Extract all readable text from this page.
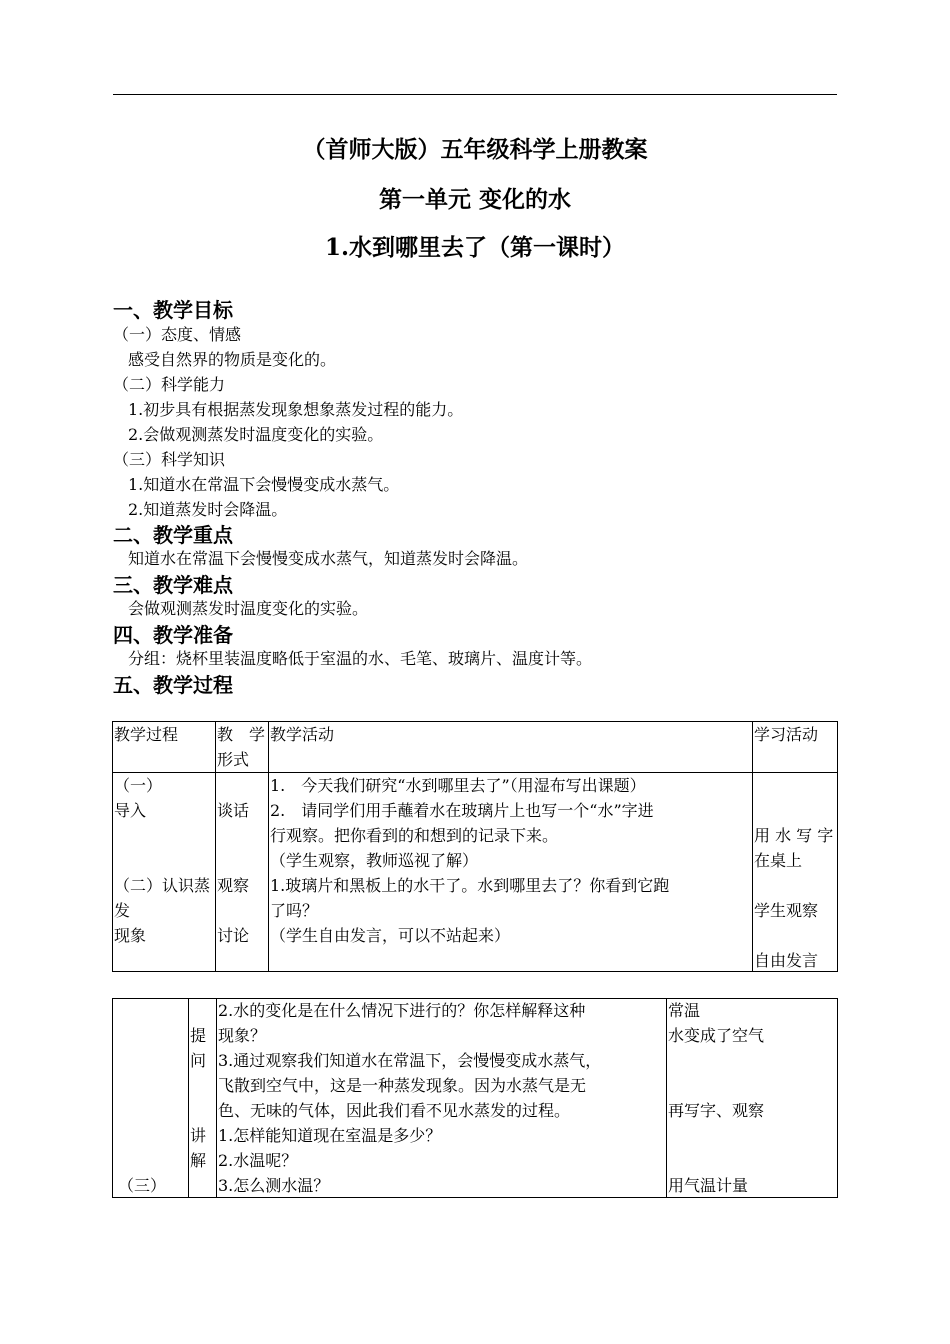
（首师大版）五年级科学上册教案
第一单元 变化的水
1.水到哪里去了（第一课时）
一、教学目标
（一）态度、情感
感受自然界的物质是变化的。
（二）科学能力
1.初步具有根据蒸发现象想象蒸发过程的能力。
2.会做观测蒸发时温度变化的实验。
（三）科学知识
1.知道水在常温下会慢慢变成水蒸气。
2.知道蒸发时会降温。
二、教学重点
知道水在常温下会慢慢变成水蒸气，知道蒸发时会降温。
三、教学难点
会做观测蒸发时温度变化的实验。
四、教学准备
分组：烧杯里装温度略低于室温的水、毛笔、玻璃片、温度计等。
五、教学过程
教学过程 教　学
形式
教学活动	学习活动
（一）
导入
（二）认识蒸
发
现象
谈话
观察
讨论
1.　今天我们研究“水到哪里去了”（用湿布写出课题）
2.　请同学们用手蘸着水在玻璃片上也写一个“水”字进
行观察。把你看到的和想到的记录下来。
（学生观察，教师巡视了解）
1.玻璃片和黑板上的水干了。水到哪里去了？你看到它跑
了吗？
（学生自由发言，可以不站起来）
用 水 写 字
在桌上
学生观察
自由发言
（三）
提
问
讲
解
2.水的变化是在什么情况下进行的？你怎样解释这种
现象？
3.通过观察我们知道水在常温下，会慢慢变成水蒸气，
飞散到空气中，这是一种蒸发现象。因为水蒸气是无
色、无味的气体，因此我们看不见水蒸发的过程。
1.怎样能知道现在室温是多少？
2.水温呢？
3.怎么测水温？
常温
水变成了空气
再写字、观察
用气温计量
